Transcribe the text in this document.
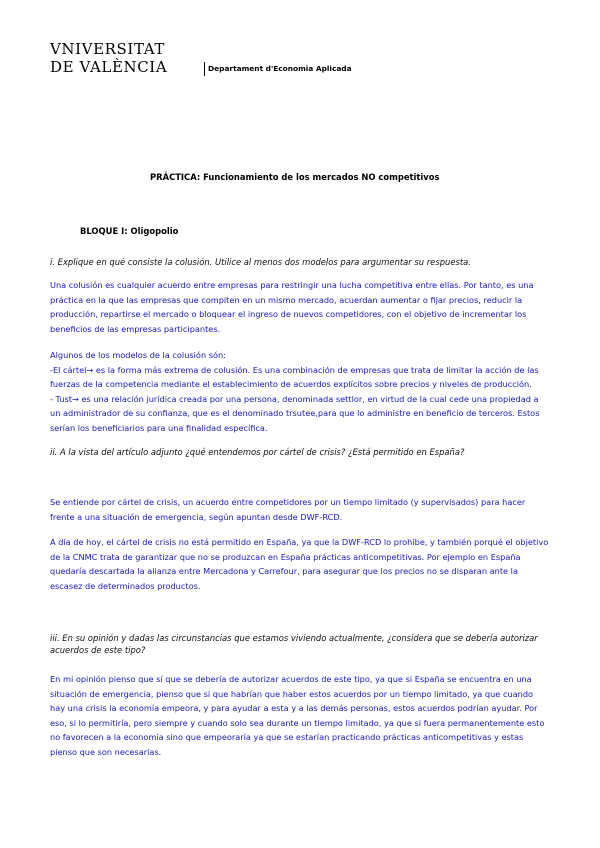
VNIVERSITAT
DE VALÈNCIA	Departament d'Economia Aplicada
PRÁCTICA: Funcionamiento de los mercados NO competitivos
BLOQUE I: Oligopolio
i. Explique en qué consiste la colusión. Utilice al menos dos modelos para argumentar su respuesta.

Una colusión es cualquier acuerdo entre empresas para restringir una lucha competitiva entre ellas. Por tanto, es una práctica en la que las empresas que compiten en un mismo mercado, acuerdan aumentar o fijar precios, reducir la producción, repartirse el mercado o bloquear el ingreso de nuevos competidores, con el objetivo de incrementar los beneficios de las empresas participantes.

Algunos de los modelos de la colusión són:

-El cártel→ es la forma más extrema de colusión. Es una combinación de empresas que trata de limitar la acción de las fuerzas de la competencia mediante el establecimiento de acuerdos explícitos sobre precios y niveles de producción.

- Tust→ es una relación jurídica creada por una persona, denominada settlor, en virtud de la cual cede una propiedad a un administrador de su confianza, que es el denominado trsutee,para que lo administre en beneficio de terceros. Estos serían los beneficiarios para una finalidad específica.

ii. A la vista del artículo adjunto ¿qué entendemos por cártel de crisis? ¿Está permitido en España?

Se entiende por cártel de crisis, un acuerdo entre competidores por un tiempo limitado (y supervisados) para hacer frente a una situación de emergencia, según apuntan desde DWF-RCD.

A día de hoy, el cártel de crisis no está permitido en España, ya que la DWF-RCD lo prohíbe, y también porqué el objetivo de la CNMC trata de garantizar que no se produzcan en España prácticas anticompetitivas. Por ejemplo en España quedaría descartada la alianza entre Mercadona y Carrefour, para asegurar que los precios no se disparan ante la escasez de determinados productos.

iii. En su opinión y dadas las circunstancias que estamos viviendo actualmente, ¿considera que se debería autorizar acuerdos de este tipo?

En mi opinión pienso que sí que se debería de autorizar acuerdos de este tipo, ya que si España se encuentra en una situación de emergencia, pienso que si que habrían que haber estos acuerdos por un tiempo limitado, ya que cuando hay una crisis la economía empeora, y para ayudar a esta y a las demás personas, estos acuerdos podrían ayudar. Por eso, si lo permitiría, pero siempre y cuando solo sea durante un tiempo limitado, ya que si fuera permanentemente esto no favorecen a la economía sino que empeoraría ya que se estarían practicando prácticas anticompetitivas y estas pienso que son necesarias.
